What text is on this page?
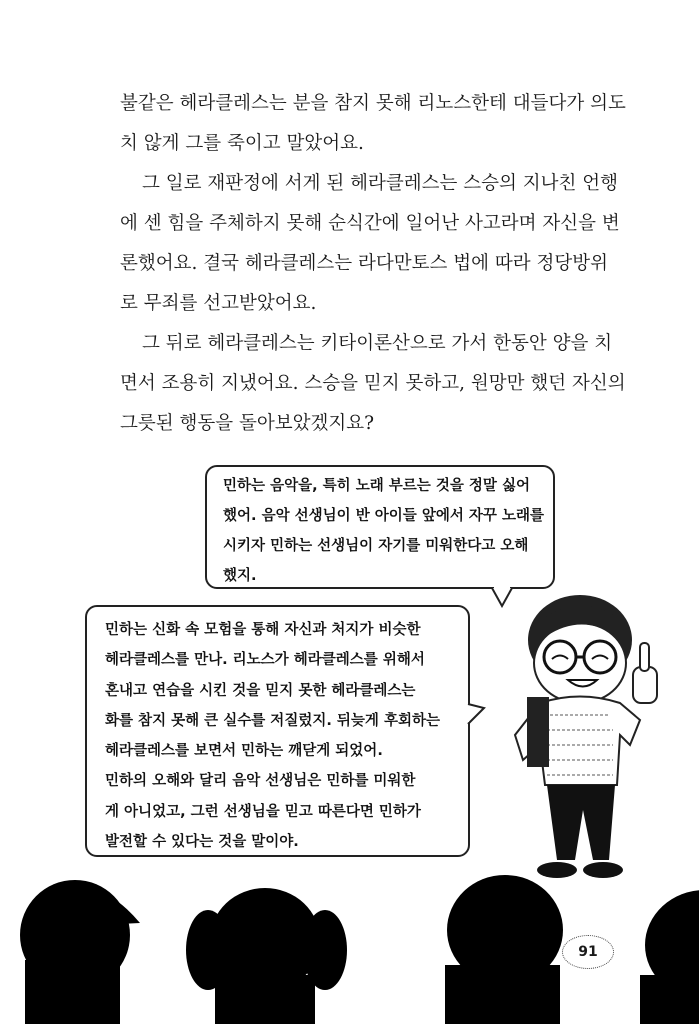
불같은 헤라클레스는 분을 참지 못해 리노스한테 대들다가 의도
치 않게 그를 죽이고 말았어요.
그 일로 재판정에 서게 된 헤라클레스는 스승의 지나친 언행
에 센 힘을 주체하지 못해 순식간에 일어난 사고라며 자신을 변
론했어요. 결국 헤라클레스는 라다만토스 법에 따라 정당방위
로 무죄를 선고받았어요.
그 뒤로 헤라클레스는 키타이론산으로 가서 한동안 양을 치
면서 조용히 지냈어요. 스승을 믿지 못하고, 원망만 했던 자신의
그릇된 행동을 돌아보았겠지요?
민하는 음악을, 특히 노래 부르는 것을 정말 싫어
했어. 음악 선생님이 반 아이들 앞에서 자꾸 노래를
시키자 민하는 선생님이 자기를 미워한다고 오해
했지.
민하는 신화 속 모험을 통해 자신과 처지가 비슷한
헤라클레스를 만나. 리노스가 헤라클레스를 위해서
혼내고 연습을 시킨 것을 믿지 못한 헤라클레스는
화를 참지 못해 큰 실수를 저질렀지. 뒤늦게 후회하는
헤라클레스를 보면서 민하는 깨닫게 되었어.
민하의 오해와 달리 음악 선생님은 민하를 미워한
게 아니었고, 그런 선생님을 믿고 따른다면 민하가
발전할 수 있다는 것을 말이야.
91
